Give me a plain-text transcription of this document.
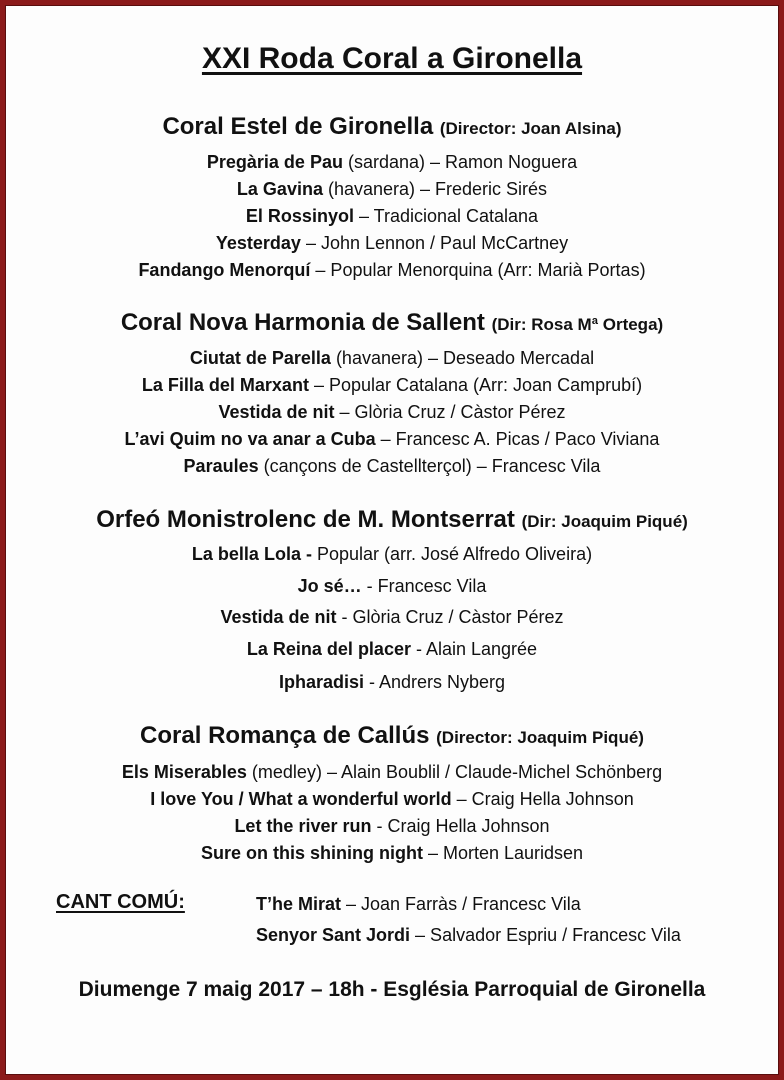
XXI Roda Coral a Gironella
Coral Estel de Gironella (Director: Joan Alsina)
Pregària de Pau (sardana) – Ramon Noguera
La Gavina (havanera) – Frederic Sirés
El Rossinyol – Tradicional Catalana
Yesterday – John Lennon / Paul McCartney
Fandango Menorquí – Popular Menorquina (Arr: Marià Portas)
Coral Nova Harmonia de Sallent (Dir: Rosa Mª Ortega)
Ciutat de Parella (havanera) – Deseado Mercadal
La Filla del Marxant – Popular Catalana (Arr: Joan Camprubí)
Vestida de nit – Glòria Cruz / Càstor Pérez
L’avi Quim no va anar a Cuba – Francesc A. Picas / Paco Viviana
Paraules (cançons de Castellterçol) – Francesc Vila
Orfeó Monistrolenc de M. Montserrat (Dir: Joaquim Piqué)
La bella Lola - Popular (arr. José Alfredo Oliveira)
Jo sé… - Francesc Vila
Vestida de nit - Glòria Cruz / Càstor Pérez
La Reina del placer - Alain Langrée
Ipharadisi - Andrers Nyberg
Coral Romança de Callús (Director: Joaquim Piqué)
Els Miserables (medley) – Alain Boublil / Claude-Michel Schönberg
I love You / What a wonderful world – Craig Hella Johnson
Let the river run - Craig Hella Johnson
Sure on this shining night – Morten Lauridsen
CANT COMÚ:	T’he Mirat – Joan Farràs / Francesc Vila
Senyor Sant Jordi – Salvador Espriu / Francesc Vila
Diumenge 7 maig 2017 – 18h - Església Parroquial de Gironella
